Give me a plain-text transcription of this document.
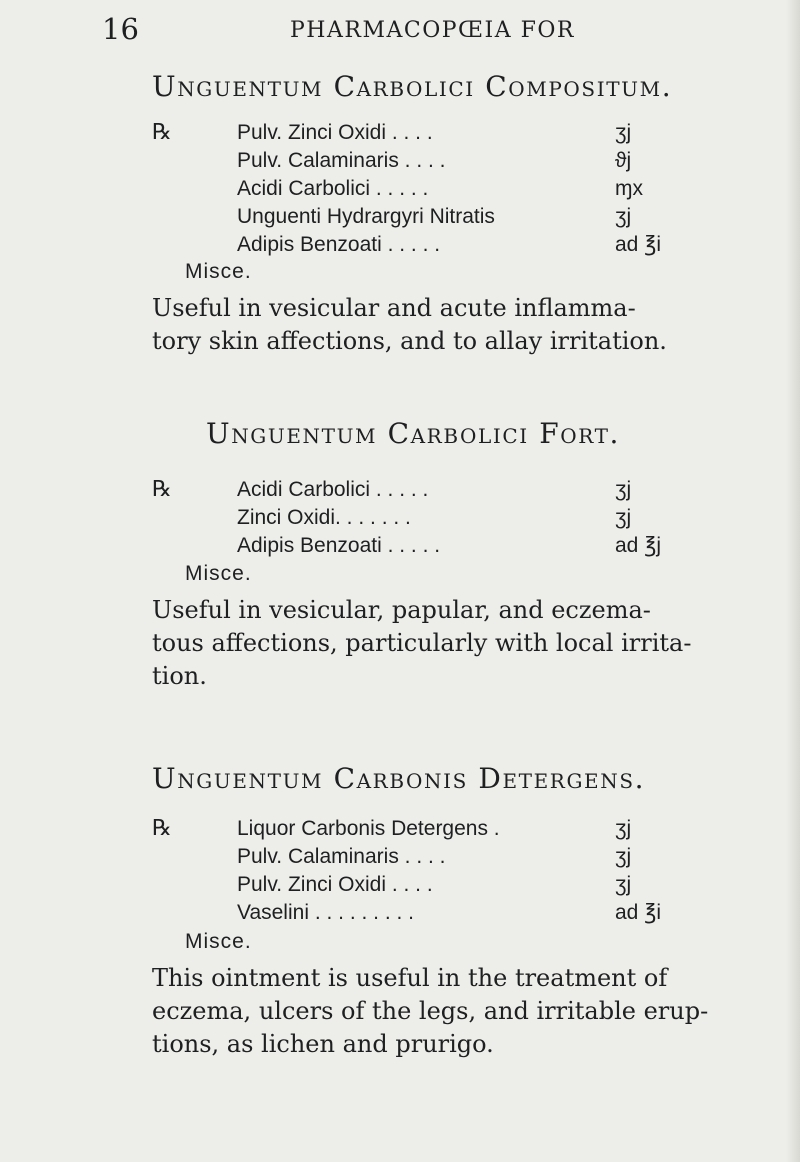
16	PHARMACOPŒIA FOR
Unguentum Carbolici Compositum.
℞	Pulv. Zinci Oxidi . . . .	ʒj
Pulv. Calaminaris . . . .	ϑj
Acidi Carbolici . . . . .	ɱx
Unguenti Hydrargyri Nitratis	ʒj
Adipis Benzoati . . . . .	ad ℥i
Misce.
Useful in vesicular and acute inflamma-
tory skin affections, and to allay irritation.
Unguentum Carbolici Fort.
℞	Acidi Carbolici . . . . .	ʒj
Zinci Oxidi. . . . . . .	ʒj
Adipis Benzoati . . . . .	ad ℥j
Misce.
Useful in vesicular, papular, and eczema-
tous affections, particularly with local irrita-
tion.
Unguentum Carbonis Detergens.
℞	Liquor Carbonis Detergens .	ʒj
Pulv. Calaminaris . . . .	ʒj
Pulv. Zinci Oxidi . . . .	ʒj
Vaselini . . . . . . . . .	ad ℥i
Misce.
This ointment is useful in the treatment of
eczema, ulcers of the legs, and irritable erup-
tions, as lichen and prurigo.
